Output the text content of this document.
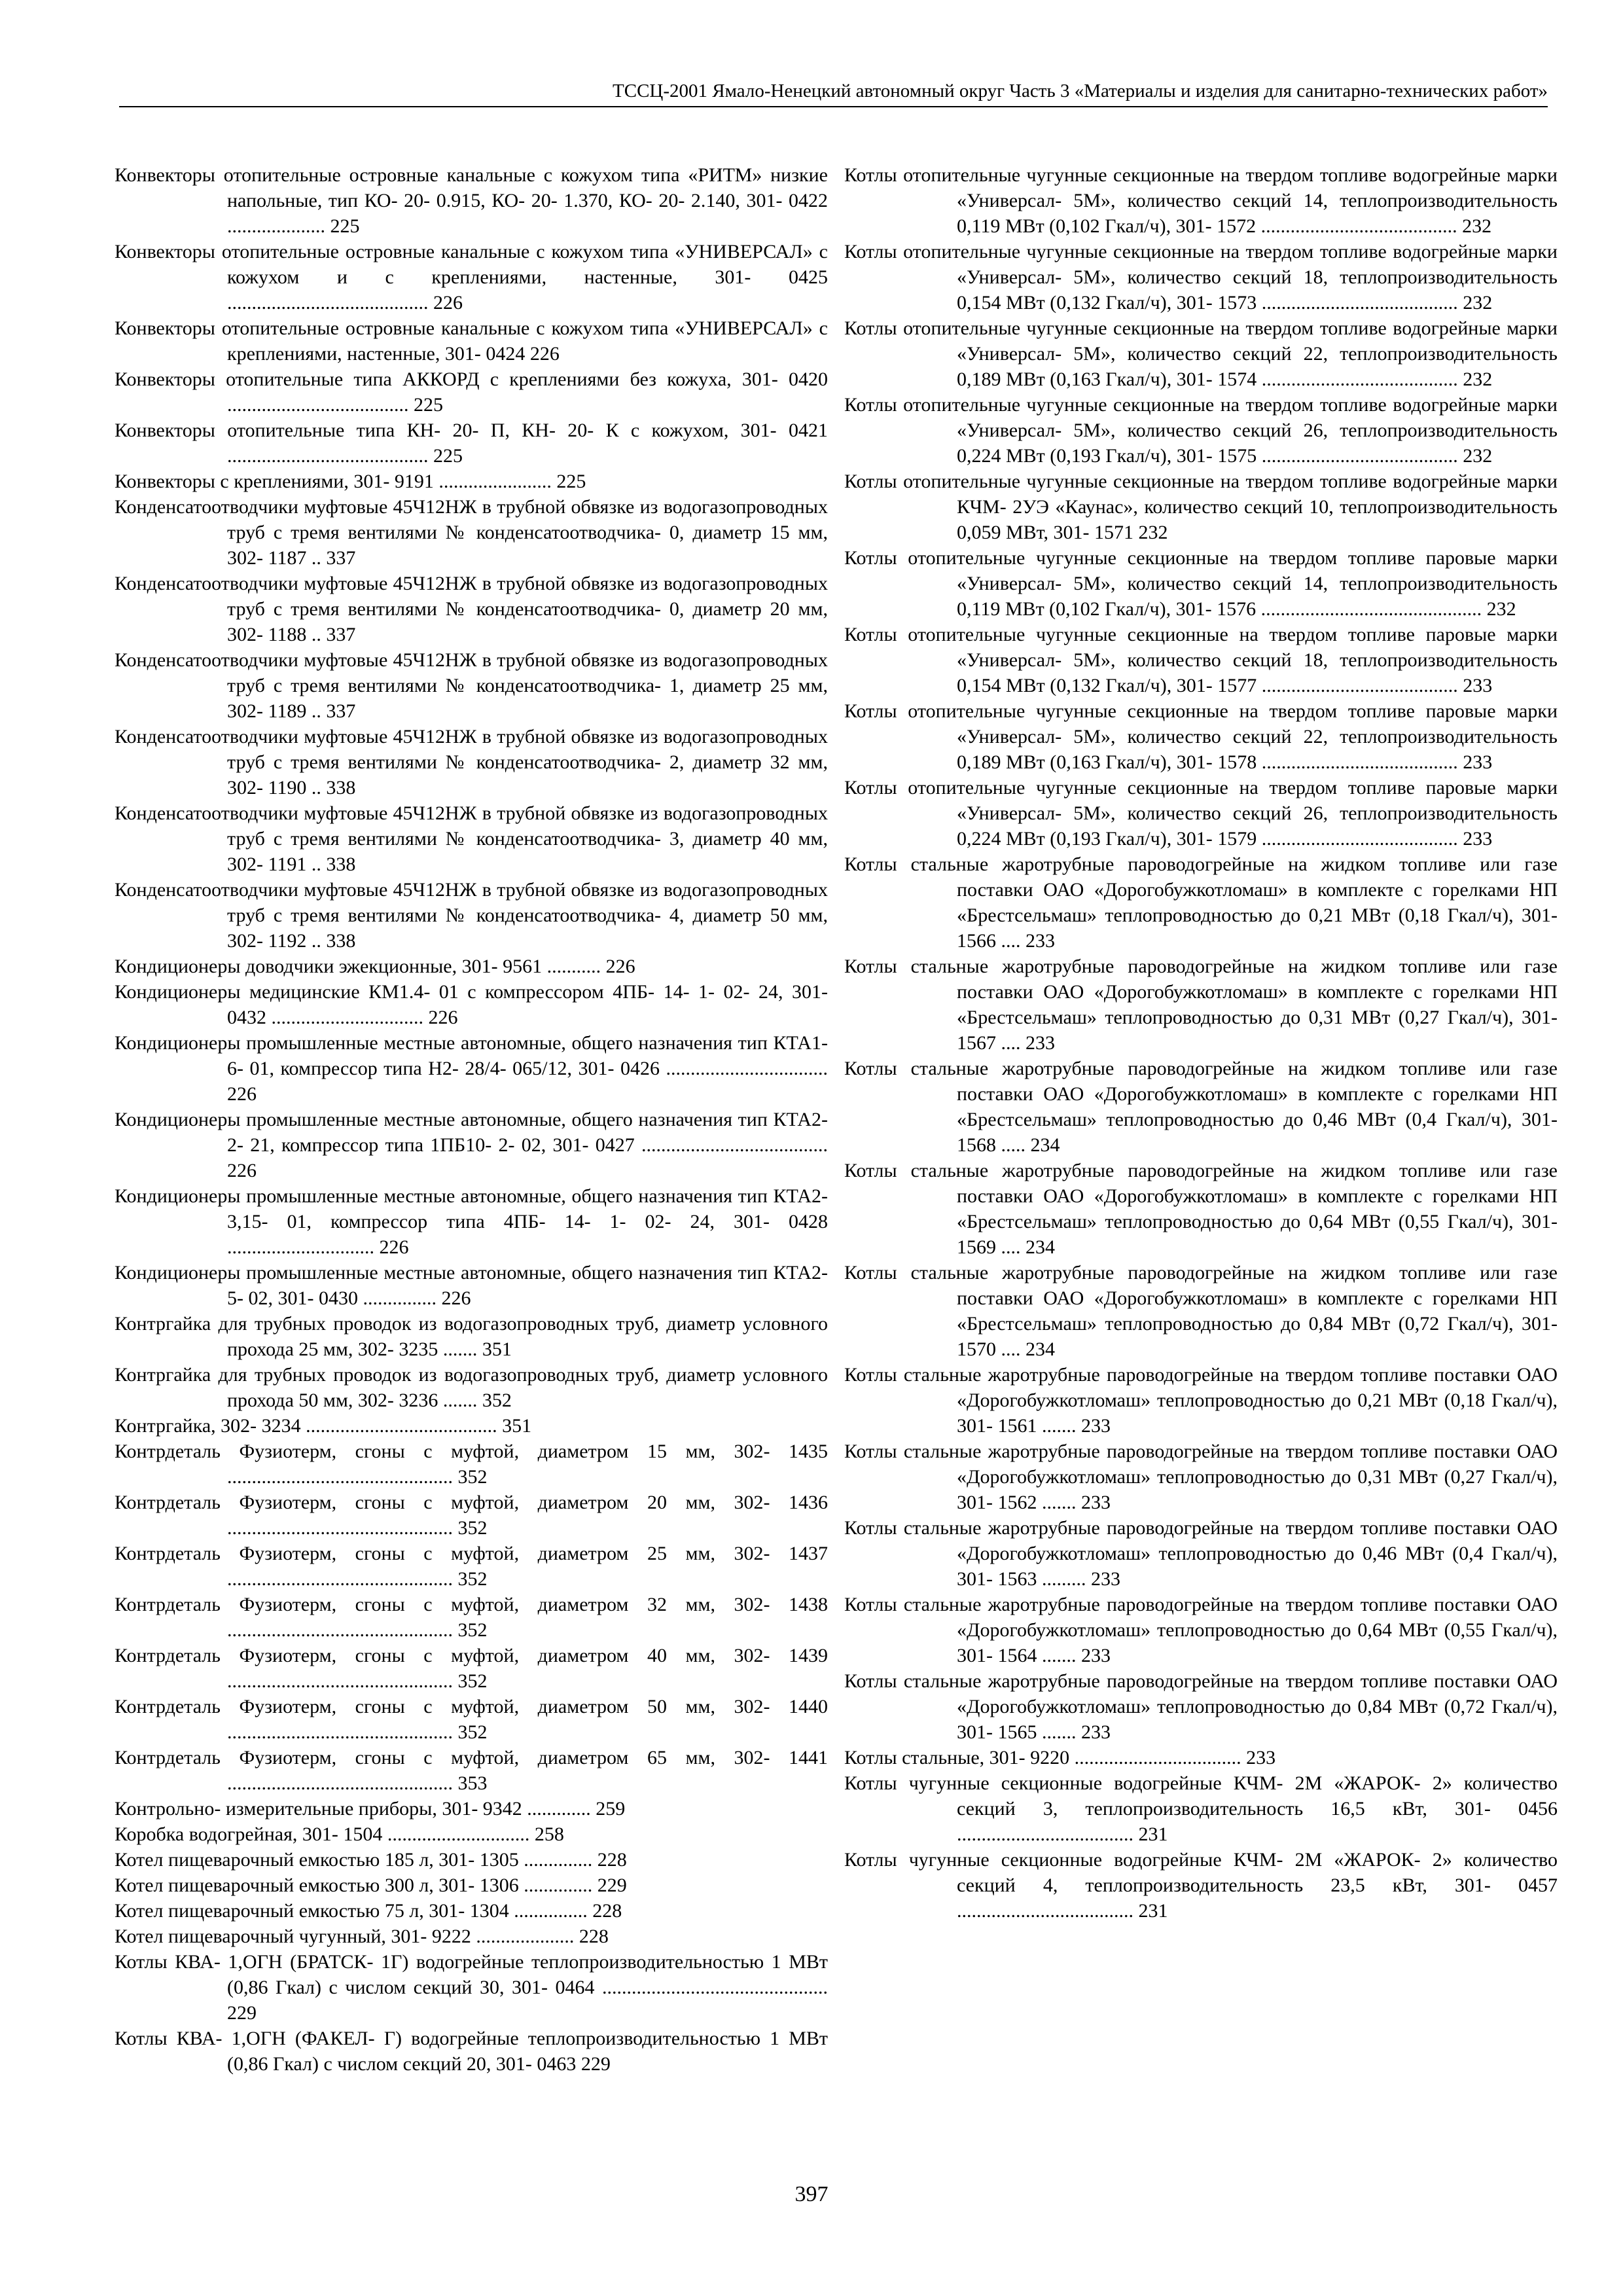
ТССЦ-2001 Ямало-Ненецкий автономный округ Часть 3 «Материалы и изделия для санитарно-технических работ»

Конвекторы отопительные островные канальные с кожухом типа «РИТМ» низкие напольные, тип КО- 20- 0.915, КО- 20- 1.370, КО- 20- 2.140, 301- 0422 .................... 225

Конвекторы отопительные островные канальные с кожухом типа «УНИВЕРСАЛ» с кожухом и с креплениями, настенные, 301- 0425 ......................................... 226

Конвекторы отопительные островные канальные с кожухом типа «УНИВЕРСАЛ» с креплениями, настенные, 301- 0424 226

Конвекторы отопительные типа АККОРД с креплениями без кожуха, 301- 0420 ..................................... 225

Конвекторы отопительные типа КН- 20- П, КН- 20- К с кожухом, 301- 0421 ......................................... 225

Конвекторы с креплениями, 301- 9191 ....................... 225

Конденсатоотводчики муфтовые 45Ч12НЖ в трубной обвязке из водогазопроводных труб с тремя вентилями № конденсатоотводчика- 0, диаметр 15 мм, 302- 1187 .. 337

Конденсатоотводчики муфтовые 45Ч12НЖ в трубной обвязке из водогазопроводных труб с тремя вентилями № конденсатоотводчика- 0, диаметр 20 мм, 302- 1188 .. 337

Конденсатоотводчики муфтовые 45Ч12НЖ в трубной обвязке из водогазопроводных труб с тремя вентилями № конденсатоотводчика- 1, диаметр 25 мм, 302- 1189 .. 337

Конденсатоотводчики муфтовые 45Ч12НЖ в трубной обвязке из водогазопроводных труб с тремя вентилями № конденсатоотводчика- 2, диаметр 32 мм, 302- 1190 .. 338

Конденсатоотводчики муфтовые 45Ч12НЖ в трубной обвязке из водогазопроводных труб с тремя вентилями № конденсатоотводчика- 3, диаметр 40 мм, 302- 1191 .. 338

Конденсатоотводчики муфтовые 45Ч12НЖ в трубной обвязке из водогазопроводных труб с тремя вентилями № конденсатоотводчика- 4, диаметр 50 мм, 302- 1192 .. 338

Кондиционеры доводчики эжекционные, 301- 9561 ........... 226

Кондиционеры медицинские КМ1.4- 01 с компрессором 4ПБ- 14- 1- 02- 24, 301- 0432 ............................... 226

Кондиционеры промышленные местные автономные, общего назначения тип КТА1- 6- 01, компрессор типа Н2- 28/4- 065/12, 301- 0426 ................................. 226

Кондиционеры промышленные местные автономные, общего назначения тип КТА2- 2- 21, компрессор типа 1ПБ10- 2- 02, 301- 0427 ...................................... 226

Кондиционеры промышленные местные автономные, общего назначения тип КТА2- 3,15- 01, компрессор типа 4ПБ- 14- 1- 02- 24, 301- 0428 .............................. 226

Кондиционеры промышленные местные автономные, общего назначения тип КТА2- 5- 02, 301- 0430 ............... 226

Контргайка для трубных проводок из водогазопроводных труб, диаметр условного прохода 25 мм, 302- 3235 ....... 351

Контргайка для трубных проводок из водогазопроводных труб, диаметр условного прохода 50 мм, 302- 3236 ....... 352

Контргайка, 302- 3234 ....................................... 351

Контрдеталь Фузиотерм, сгоны с муфтой, диаметром 15 мм, 302- 1435 .............................................. 352

Контрдеталь Фузиотерм, сгоны с муфтой, диаметром 20 мм, 302- 1436 .............................................. 352

Контрдеталь Фузиотерм, сгоны с муфтой, диаметром 25 мм, 302- 1437 .............................................. 352

Контрдеталь Фузиотерм, сгоны с муфтой, диаметром 32 мм, 302- 1438 .............................................. 352

Контрдеталь Фузиотерм, сгоны с муфтой, диаметром 40 мм, 302- 1439 .............................................. 352

Контрдеталь Фузиотерм, сгоны с муфтой, диаметром 50 мм, 302- 1440 .............................................. 352

Контрдеталь Фузиотерм, сгоны с муфтой, диаметром 65 мм, 302- 1441 .............................................. 353

Контрольно- измерительные приборы, 301- 9342 ............. 259

Коробка водогрейная, 301- 1504 ............................. 258

Котел пищеварочный емкостью 185 л, 301- 1305 .............. 228

Котел пищеварочный емкостью 300 л, 301- 1306 .............. 229

Котел пищеварочный емкостью 75 л, 301- 1304 ............... 228

Котел пищеварочный чугунный, 301- 9222 .................... 228

Котлы КВА- 1,ОГН (БРАТСК- 1Г) водогрейные теплопроизводительностью 1 МВт (0,86 Гкал) с числом секций 30, 301- 0464 .............................................. 229

Котлы КВА- 1,ОГН (ФАКЕЛ- Г) водогрейные теплопроизводительностью 1 МВт (0,86 Гкал) с числом секций 20, 301- 0463 229

Котлы отопительные чугунные секционные на твердом топливе водогрейные марки «Универсал- 5М», количество секций 14, теплопроизводительность 0,119 МВт (0,102 Гкал/ч), 301- 1572 ........................................ 232

Котлы отопительные чугунные секционные на твердом топливе водогрейные марки «Универсал- 5М», количество секций 18, теплопроизводительность 0,154 МВт (0,132 Гкал/ч), 301- 1573 ........................................ 232

Котлы отопительные чугунные секционные на твердом топливе водогрейные марки «Универсал- 5М», количество секций 22, теплопроизводительность 0,189 МВт (0,163 Гкал/ч), 301- 1574 ........................................ 232

Котлы отопительные чугунные секционные на твердом топливе водогрейные марки «Универсал- 5М», количество секций 26, теплопроизводительность 0,224 МВт (0,193 Гкал/ч), 301- 1575 ........................................ 232

Котлы отопительные чугунные секционные на твердом топливе водогрейные марки КЧМ- 2УЭ «Каунас», количество секций 10, теплопроизводительность 0,059 МВт, 301- 1571 232

Котлы отопительные чугунные секционные на твердом топливе паровые марки «Универсал- 5М», количество секций 14, теплопроизводительность 0,119 МВт (0,102 Гкал/ч), 301- 1576 ............................................. 232

Котлы отопительные чугунные секционные на твердом топливе паровые марки «Универсал- 5М», количество секций 18, теплопроизводительность 0,154 МВт (0,132 Гкал/ч), 301- 1577 ........................................ 233

Котлы отопительные чугунные секционные на твердом топливе паровые марки «Универсал- 5М», количество секций 22, теплопроизводительность 0,189 МВт (0,163 Гкал/ч), 301- 1578 ........................................ 233

Котлы отопительные чугунные секционные на твердом топливе паровые марки «Универсал- 5М», количество секций 26, теплопроизводительность 0,224 МВт (0,193 Гкал/ч), 301- 1579 ........................................ 233

Котлы стальные жаротрубные пароводогрейные на жидком топливе или газе поставки ОАО «Дорогобужкотломаш» в комплекте с горелками НП «Брестсельмаш» теплопроводностью до 0,21 МВт (0,18 Гкал/ч), 301- 1566 .... 233

Котлы стальные жаротрубные пароводогрейные на жидком топливе или газе поставки ОАО «Дорогобужкотломаш» в комплекте с горелками НП «Брестсельмаш» теплопроводностью до 0,31 МВт (0,27 Гкал/ч), 301- 1567 .... 233

Котлы стальные жаротрубные пароводогрейные на жидком топливе или газе поставки ОАО «Дорогобужкотломаш» в комплекте с горелками НП «Брестсельмаш» теплопроводностью до 0,46 МВт (0,4 Гкал/ч), 301- 1568 ..... 234

Котлы стальные жаротрубные пароводогрейные на жидком топливе или газе поставки ОАО «Дорогобужкотломаш» в комплекте с горелками НП «Брестсельмаш» теплопроводностью до 0,64 МВт (0,55 Гкал/ч), 301- 1569 .... 234

Котлы стальные жаротрубные пароводогрейные на жидком топливе или газе поставки ОАО «Дорогобужкотломаш» в комплекте с горелками НП «Брестсельмаш» теплопроводностью до 0,84 МВт (0,72 Гкал/ч), 301- 1570 .... 234

Котлы стальные жаротрубные пароводогрейные на твердом топливе поставки ОАО «Дорогобужкотломаш» теплопроводностью до 0,21 МВт (0,18 Гкал/ч), 301- 1561 ....... 233

Котлы стальные жаротрубные пароводогрейные на твердом топливе поставки ОАО «Дорогобужкотломаш» теплопроводностью до 0,31 МВт (0,27 Гкал/ч), 301- 1562 ....... 233

Котлы стальные жаротрубные пароводогрейные на твердом топливе поставки ОАО «Дорогобужкотломаш» теплопроводностью до 0,46 МВт (0,4 Гкал/ч), 301- 1563 ......... 233

Котлы стальные жаротрубные пароводогрейные на твердом топливе поставки ОАО «Дорогобужкотломаш» теплопроводностью до 0,64 МВт (0,55 Гкал/ч), 301- 1564 ....... 233

Котлы стальные жаротрубные пароводогрейные на твердом топливе поставки ОАО «Дорогобужкотломаш» теплопроводностью до 0,84 МВт (0,72 Гкал/ч), 301- 1565 ....... 233

Котлы стальные, 301- 9220 .................................. 233

Котлы чугунные секционные водогрейные КЧМ- 2М «ЖАРОК- 2» количество секций 3, теплопроизводительность 16,5 кВт, 301- 0456 .................................... 231

Котлы чугунные секционные водогрейные КЧМ- 2М «ЖАРОК- 2» количество секций 4, теплопроизводительность 23,5 кВт, 301- 0457 .................................... 231

397
